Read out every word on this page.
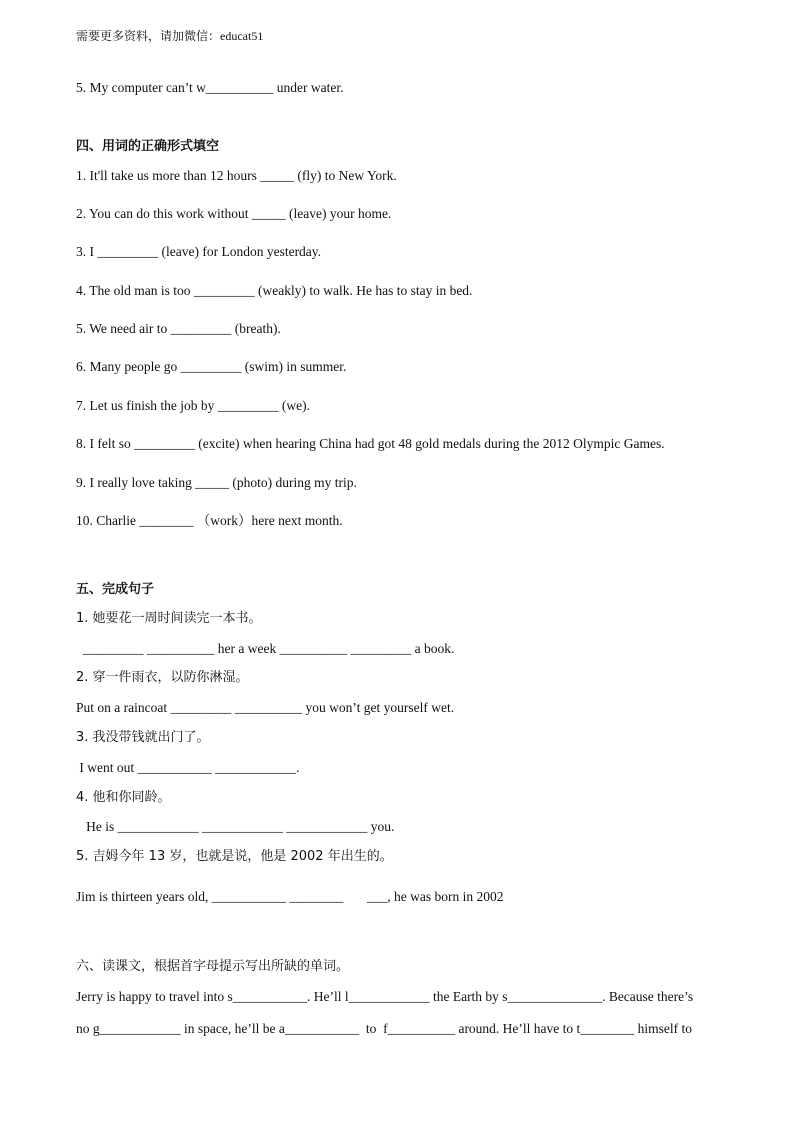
需要更多资料，请加微信：educat51
5. My computer can’t w__________ under water.
四、用词的正确形式填空
1. It'll take us more than 12 hours _____ (fly) to New York.
2. You can do this work without _____ (leave) your home.
3. I _________ (leave) for London yesterday.
4. The old man is too _________ (weakly) to walk. He has to stay in bed.
5. We need air to _________ (breath).
6. Many people go _________ (swim) in summer.
7. Let us finish the job by _________ (we).
8. I felt so _________ (excite) when hearing China had got 48 gold medals during the 2012 Olympic Games.
9. I really love taking _____ (photo) during my trip.
10. Charlie ________ （work）here next month.
五、完成句子
1. 她要花一周时间读完一本书。
_________ __________ her a week __________ _________ a book.
2. 穿一件雨衣，以防你淋湿。
Put on a raincoat _________ __________ you won’t get yourself wet.
3. 我没带钱就出门了。
I went out ___________ ____________.
4. 他和你同龄。
He is ____________ ____________ ____________ you.
5. 吉姆今年 13 岁，也就是说，他是 2002 年出生的。
Jim is thirteen years old, ___________ ________       ___, he was born in 2002
六、读课文，根据首字母提示写出所缺的单词。
Jerry is happy to travel into s___________. He’ll l____________ the Earth by s______________. Because there’s
no g____________ in space, he’ll be a___________  to  f__________ around. He’ll have to t________ himself to
